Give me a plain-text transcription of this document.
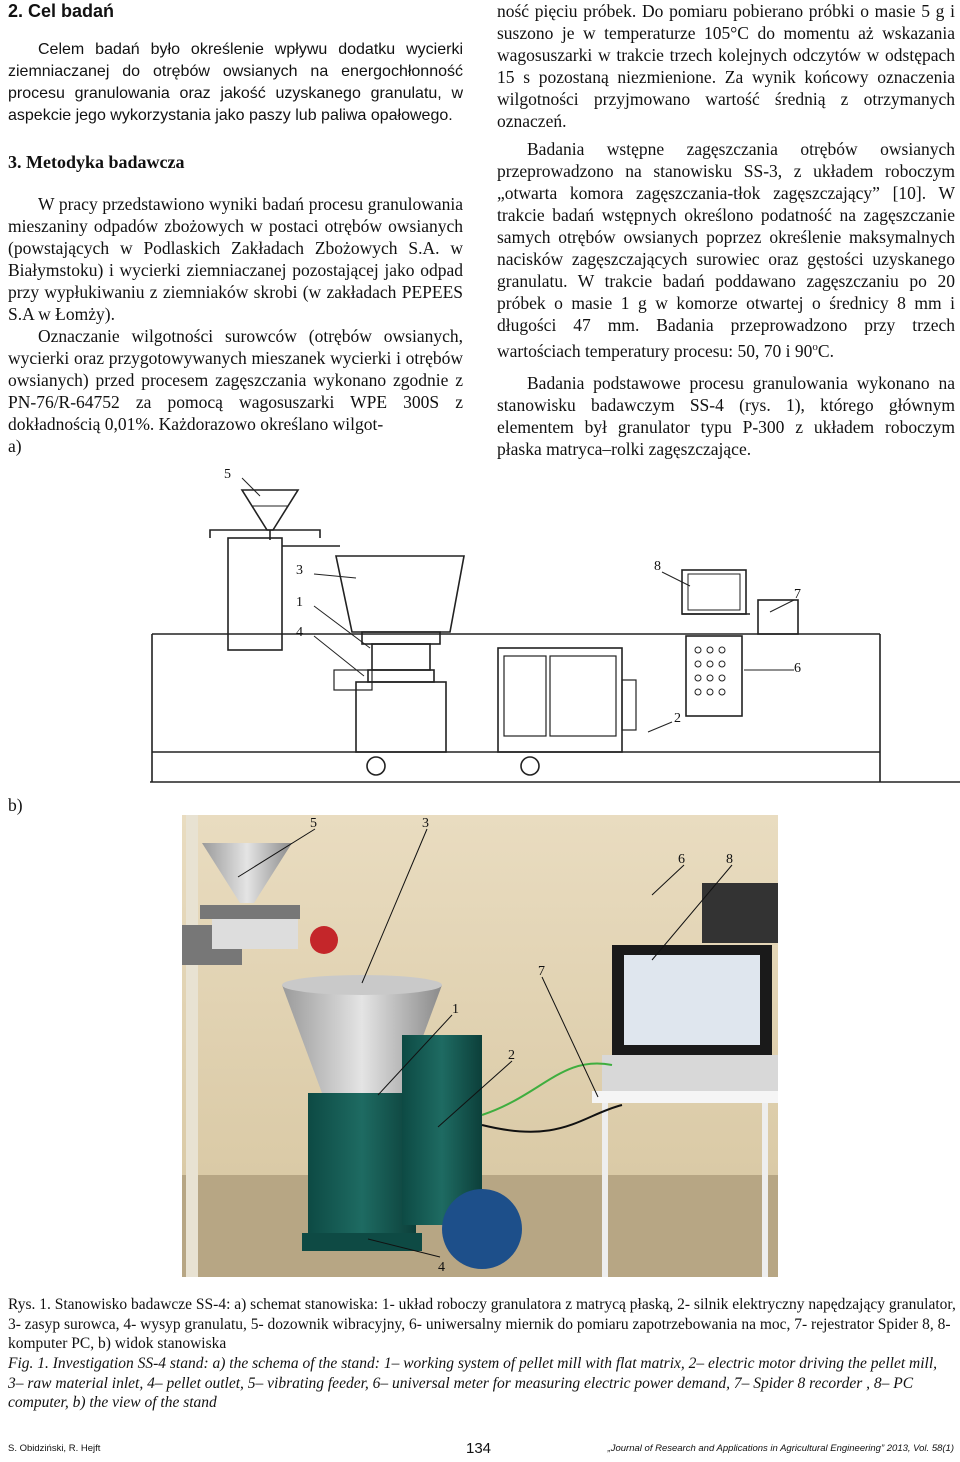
2. Cel badań

Celem badań było określenie wpływu dodatku wycierki ziemniaczanej do otrębów owsianych na energochłonność procesu granulowania oraz jakość uzyskanego granulatu, w aspekcie jego wykorzystania jako paszy lub paliwa opałowego.

3. Metodyka badawcza

W pracy przedstawiono wyniki badań procesu granulowania mieszaniny odpadów zbożowych w postaci otrębów owsianych (powstających w Podlaskich Zakładach Zbożowych S.A. w Białymstoku) i wycierki ziemniaczanej pozostającej jako odpad przy wypłukiwaniu z ziemniaków skrobi (w zakładach PEPEES S.A w Łomży).

Oznaczanie wilgotności surowców (otrębów owsianych, wycierki oraz przygotowywanych mieszanek wycierki i otrębów owsianych) przed procesem zagęszczania wykonano zgodnie z PN-76/R-64752 za pomocą wagosuszarki WPE 300S z dokładnością 0,01%. Każdorazowo określano wilgot-

a)

ność pięciu próbek. Do pomiaru pobierano próbki o masie 5 g i suszono je w temperaturze 105°C do momentu aż wskazania wagosuszarki w trakcie trzech kolejnych odczytów w odstępach 15 s pozostaną niezmienione. Za wynik końcowy oznaczenia wilgotności przyjmowano wartość średnią z otrzymanych oznaczeń.

Badania wstępne zagęszczania otrębów owsianych przeprowadzono na stanowisku SS-3, z układem roboczym „otwarta komora zagęszczania-tłok zagęszczający” [10]. W trakcie badań wstępnych określono podatność na zagęszczanie samych otrębów owsianych poprzez określenie maksymalnych nacisków zagęszczających surowiec oraz gęstości uzyskanego granulatu. W trakcie badań poddawano zagęszczaniu po 20 próbek o masie 1 g w komorze otwartej o średnicy 8 mm i długości 47 mm. Badania przeprowadzono przy trzech wartościach temperatury procesu: 50, 70 i 90$^o$C.

Badania podstawowe procesu granulowania wykonano na stanowisku badawczym SS-4 (rys. 1), którego głównym elementem był granulator typu P-300 z układem roboczym płaska matryca–rolki zagęszczające.

5
3
1
4
8
7
6
2
b)
5	3
6	8
7
1
2
4
Rys. 1. Stanowisko badawcze SS-4: a) schemat stanowiska: 1- układ roboczy granulatora z matrycą płaską, 2- silnik elektryczny napędzający granulator, 3- zasyp surowca, 4- wysyp granulatu, 5- dozownik wibracyjny, 6- uniwersalny miernik do pomiaru zapotrzebowania na moc, 7- rejestrator Spider 8, 8- komputer PC, b) widok stanowiska
Fig. 1. Investigation SS-4 stand: a) the schema of the stand: 1– working system of pellet mill with flat matrix, 2– electric motor driving the pellet mill, 3– raw material inlet, 4– pellet outlet, 5– vibrating feeder, 6– universal meter for measuring electric power demand, 7– Spider 8 recorder , 8– PC computer, b) the view of the stand
S. Obidziński, R. Hejft	134	„Journal of Research and Applications in Agricultural Engineering” 2013, Vol. 58(1)
